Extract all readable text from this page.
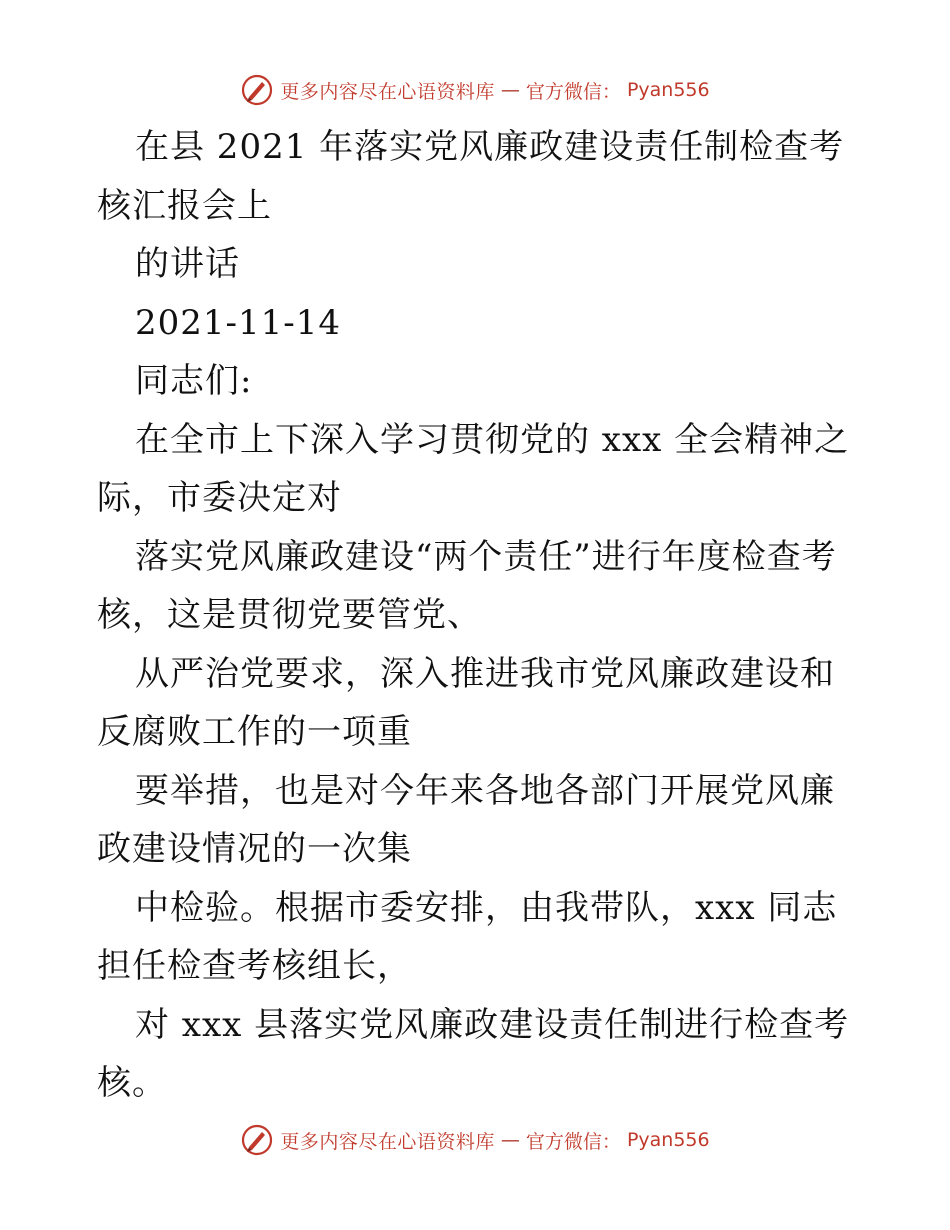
更多内容尽在心语资料库 — 官方微信： Pyan556

在县 2021 年落实党风廉政建设责任制检查考核汇报会上

的讲话

2021-11-14

同志们:

在全市上下深入学习贯彻党的 xxx 全会精神之际，市委决定对

落实党风廉政建设“两个责任”进行年度检查考核，这是贯彻党要管党、

从严治党要求，深入推进我市党风廉政建设和反腐败工作的一项重

要举措，也是对今年来各地各部门开展党风廉政建设情况的一次集

中检验。根据市委安排，由我带队，xxx 同志担任检查考核组长，

对 xxx 县落实党风廉政建设责任制进行检查考核。

更多内容尽在心语资料库 — 官方微信： Pyan556
